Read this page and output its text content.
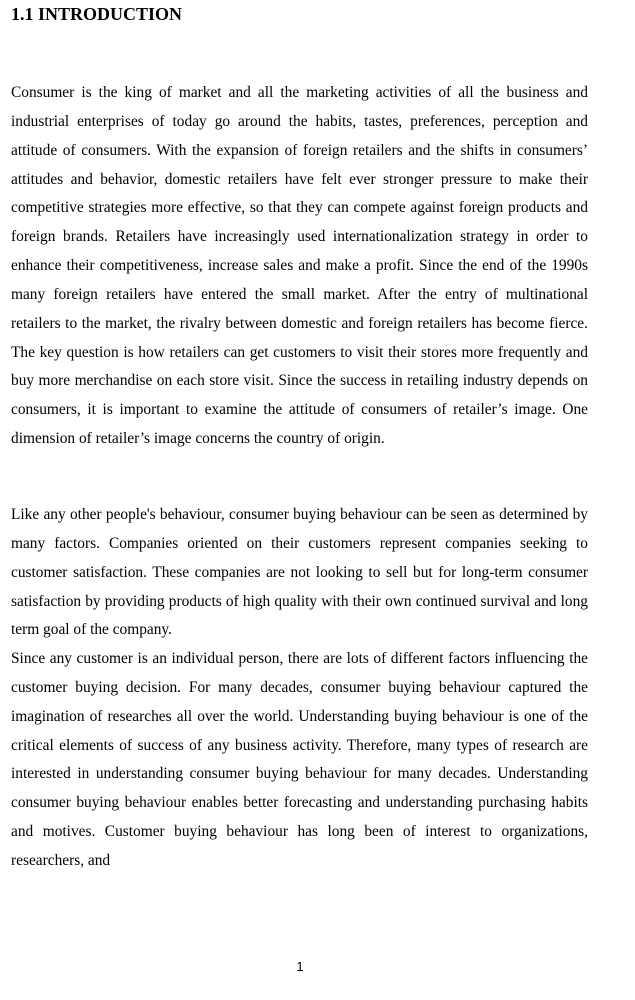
1.1 INTRODUCTION

Consumer is the king of market and all the marketing activities of all the business and industrial enterprises of today go around the habits, tastes, preferences, perception and attitude of consumers. With the expansion of foreign retailers and the shifts in consumers’ attitudes and behavior, domestic retailers have felt ever stronger pressure to make their competitive strategies more effective, so that they can compete against foreign products and foreign brands. Retailers have increasingly used internationalization strategy in order to enhance their competitiveness, increase sales and make a profit. Since the end of the 1990s many foreign retailers have entered the small market. After the entry of multinational retailers to the market, the rivalry between domestic and foreign retailers has become fierce. The key question is how retailers can get customers to visit their stores more frequently and buy more merchandise on each store visit. Since the success in retailing industry depends on consumers, it is important to examine the attitude of consumers of retailer’s image. One dimension of retailer’s image concerns the country of origin.

Like any other people's behaviour, consumer buying behaviour can be seen as determined by many factors. Companies oriented on their customers represent companies seeking to customer satisfaction. These companies are not looking to sell but for long-term consumer satisfaction by providing products of high quality with their own continued survival and long term goal of the company.

Since any customer is an individual person, there are lots of different factors influencing the customer buying decision. For many decades, consumer buying behaviour captured the imagination of researches all over the world. Understanding buying behaviour is one of the critical elements of success of any business activity. Therefore, many types of research are interested in understanding consumer buying behaviour for many decades. Understanding consumer buying behaviour enables better forecasting and understanding purchasing habits and motives. Customer buying behaviour has long been of interest to organizations, researchers, and

1
